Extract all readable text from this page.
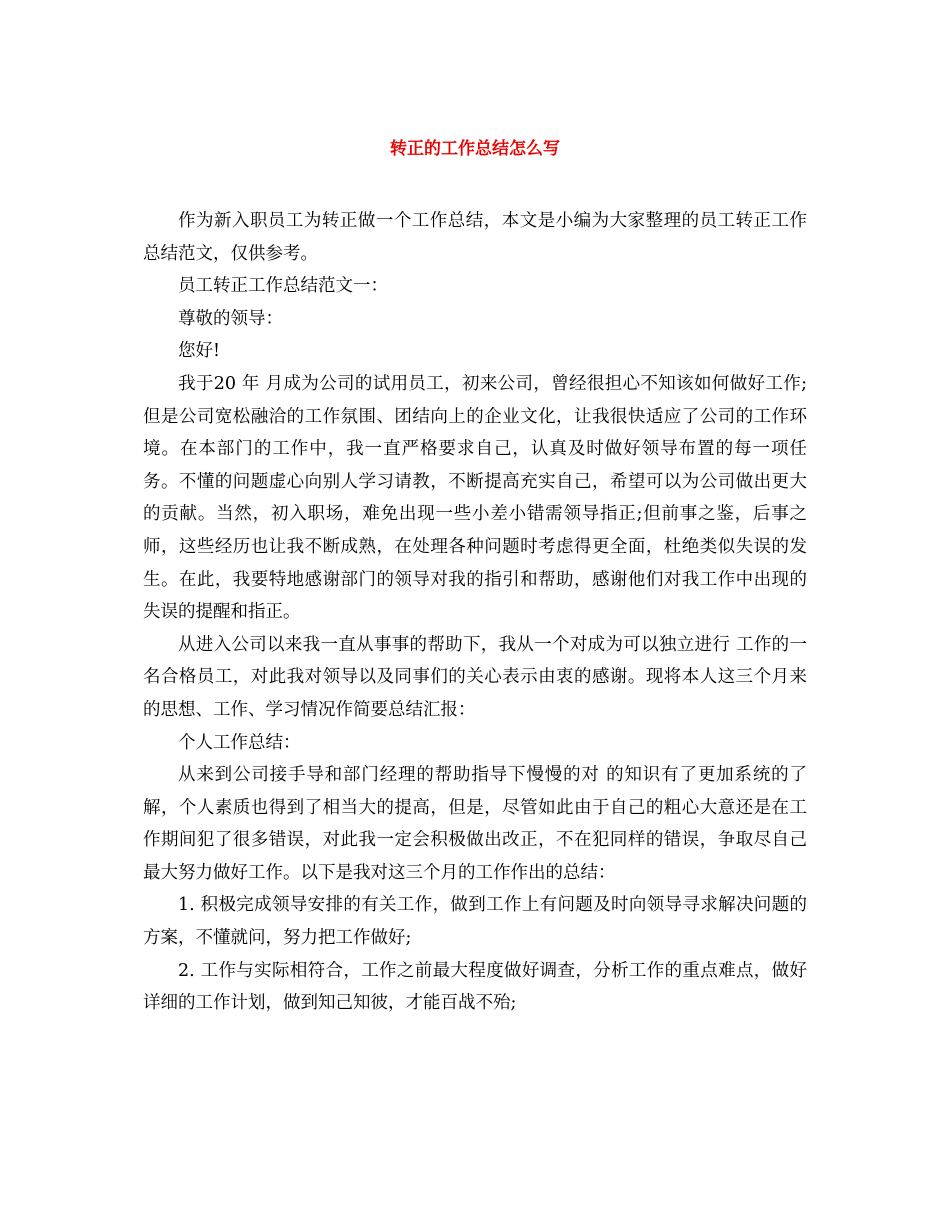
转正的工作总结怎么写

作为新入职员工为转正做一个工作总结，本文是小编为大家整理的员工转正工作总结范文，仅供参考。

员工转正工作总结范文一：

尊敬的领导：

您好!

我于20 年 月成为公司的试用员工，初来公司，曾经很担心不知该如何做好工作;但是公司宽松融洽的工作氛围、团结向上的企业文化，让我很快适应了公司的工作环境。在本部门的工作中，我一直严格要求自己，认真及时做好领导布置的每一项任务。不懂的问题虚心向别人学习请教，不断提高充实自己，希望可以为公司做出更大的贡献。当然，初入职场，难免出现一些小差小错需领导指正;但前事之鉴，后事之师，这些经历也让我不断成熟，在处理各种问题时考虑得更全面，杜绝类似失误的发生。在此，我要特地感谢部门的领导对我的指引和帮助，感谢他们对我工作中出现的失误的提醒和指正。

从进入公司以来我一直从事事的帮助下，我从一个对成为可以独立进行 工作的一名合格员工，对此我对领导以及同事们的关心表示由衷的感谢。现将本人这三个月来的思想、工作、学习情况作简要总结汇报：

个人工作总结：

从来到公司接手导和部门经理的帮助指导下慢慢的对 的知识有了更加系统的了解，个人素质也得到了相当大的提高，但是，尽管如此由于自己的粗心大意还是在工作期间犯了很多错误，对此我一定会积极做出改正，不在犯同样的错误，争取尽自己最大努力做好工作。以下是我对这三个月的工作作出的总结：

1. 积极完成领导安排的有关工作，做到工作上有问题及时向领导寻求解决问题的方案，不懂就问，努力把工作做好;

2. 工作与实际相符合，工作之前最大程度做好调查，分析工作的重点难点，做好详细的工作计划，做到知己知彼，才能百战不殆;
